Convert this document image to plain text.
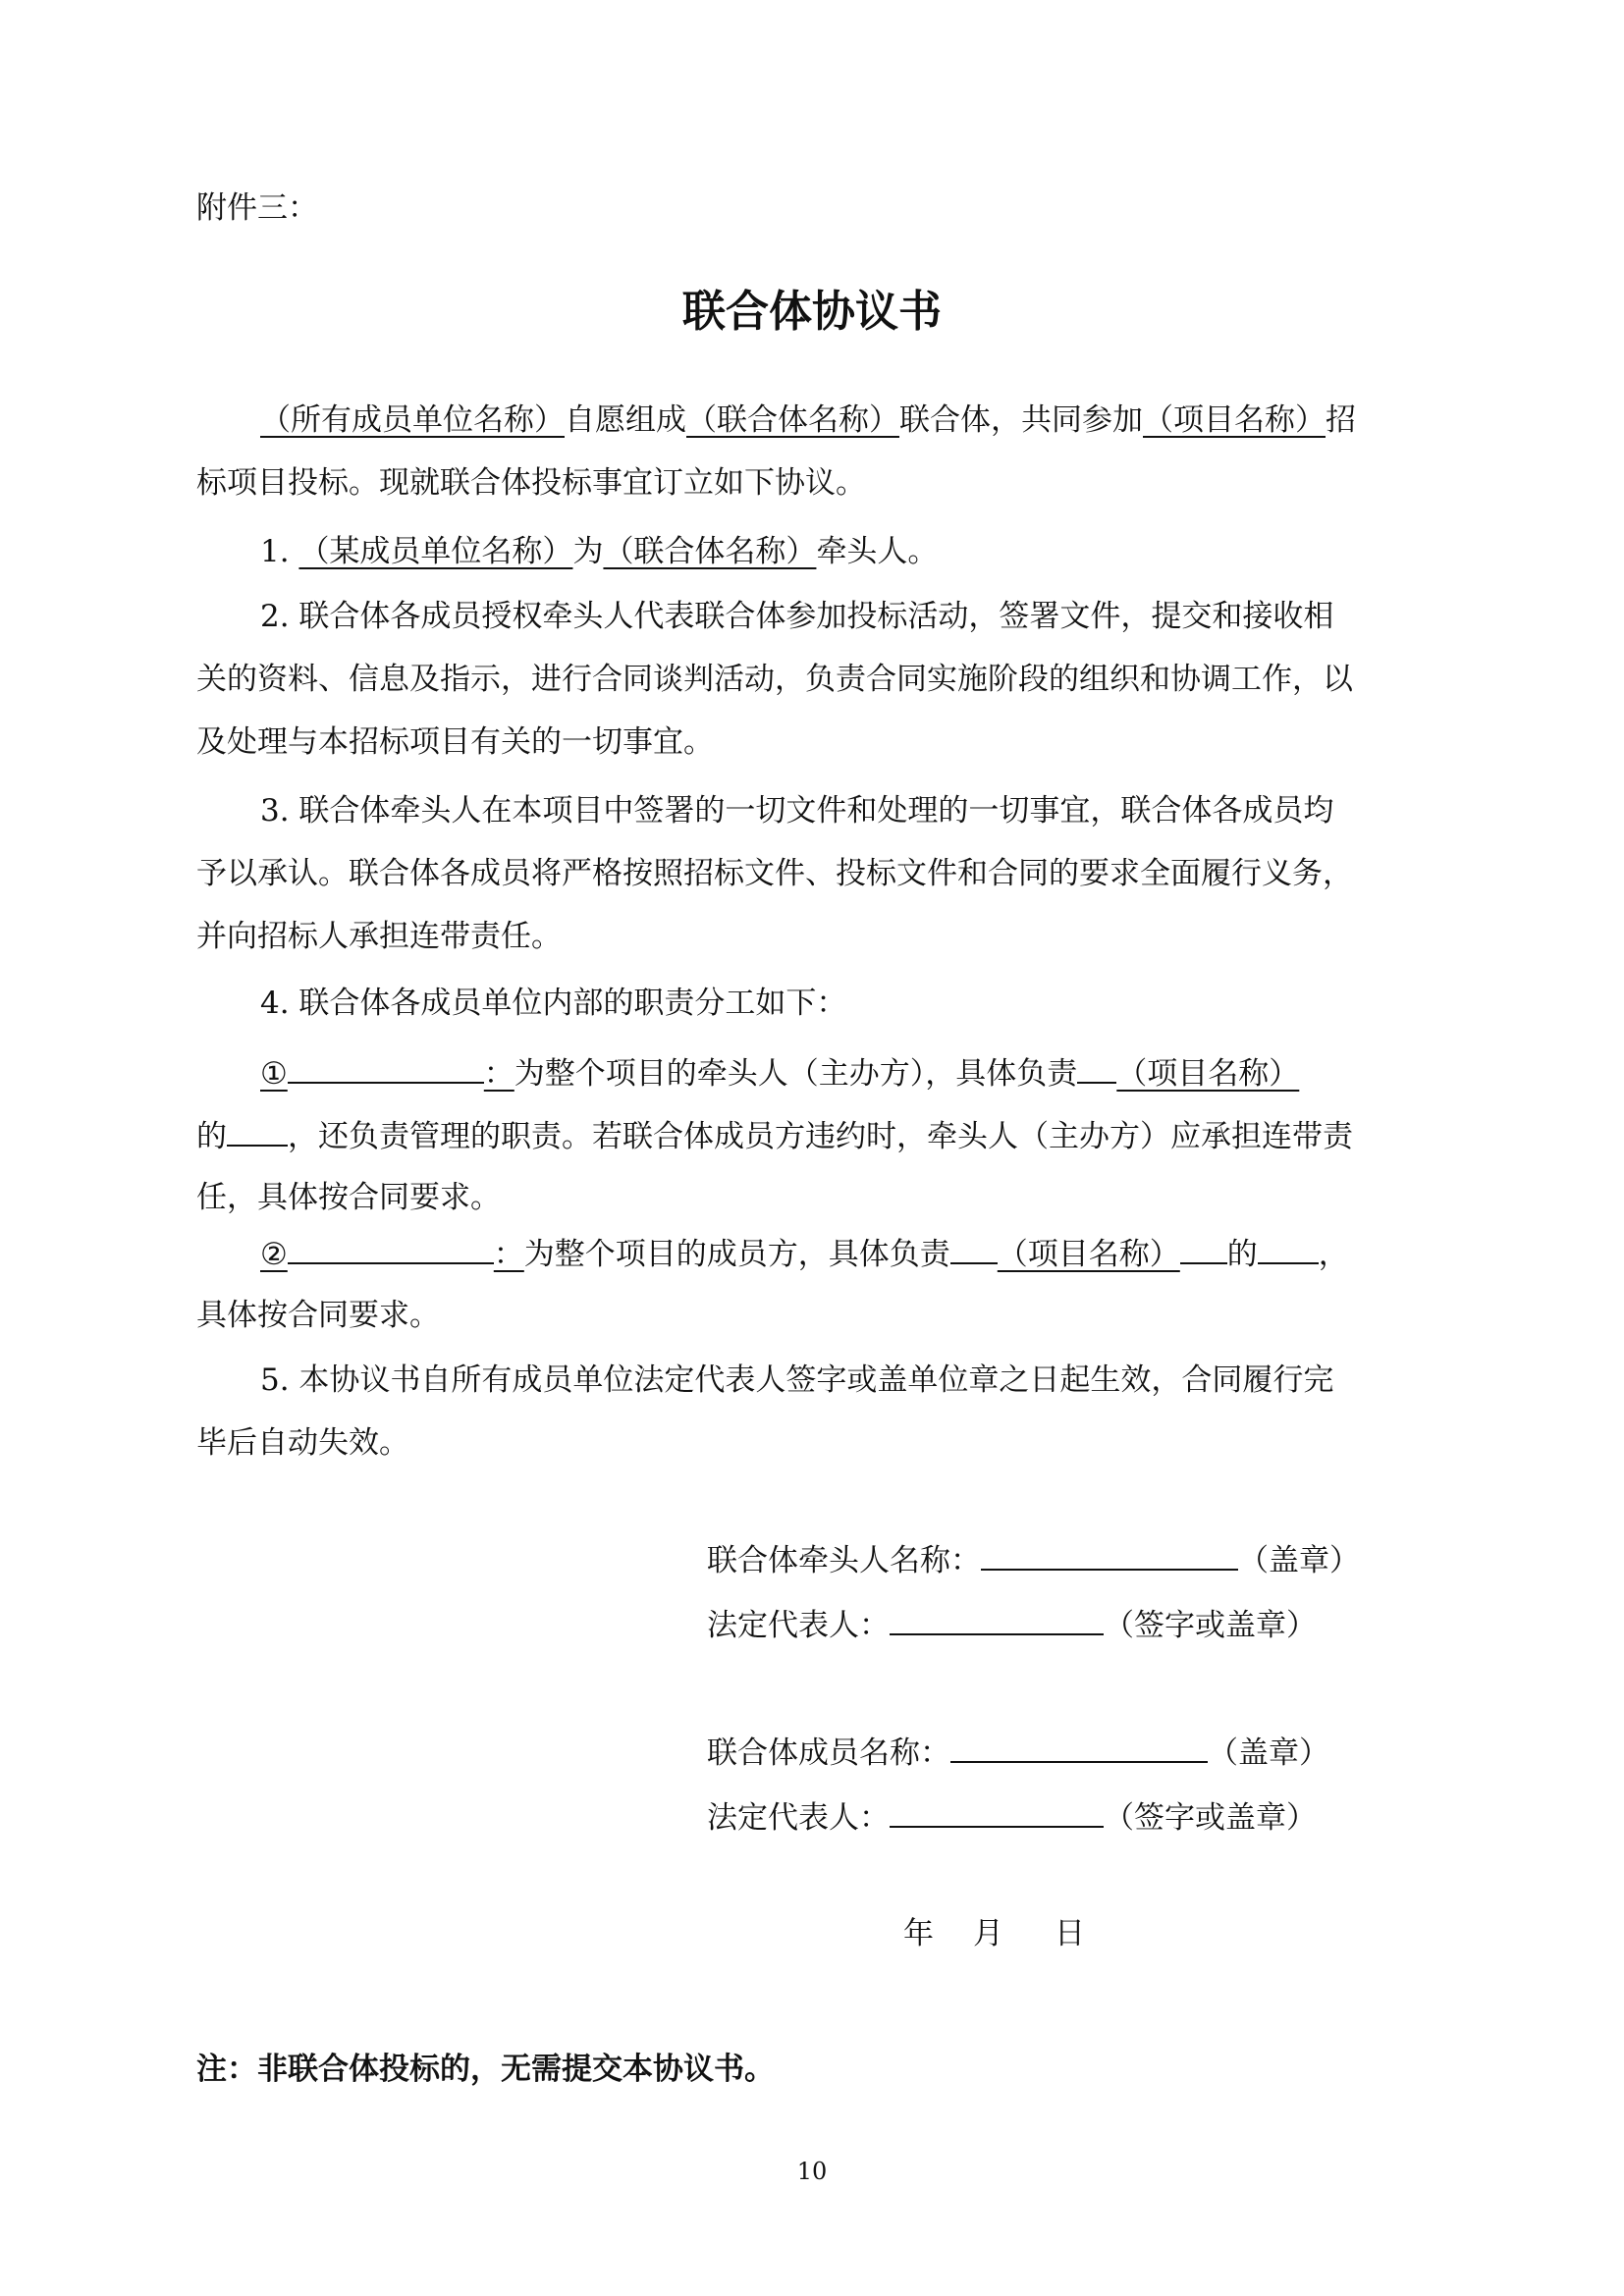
附件三：
联合体协议书
（所有成员单位名称）自愿组成（联合体名称）联合体，共同参加（项目名称）招
标项目投标。现就联合体投标事宜订立如下协议。
1. （某成员单位名称）为（联合体名称）牵头人。
2. 联合体各成员授权牵头人代表联合体参加投标活动，签署文件，提交和接收相
关的资料、信息及指示，进行合同谈判活动，负责合同实施阶段的组织和协调工作，以
及处理与本招标项目有关的一切事宜。
3. 联合体牵头人在本项目中签署的一切文件和处理的一切事宜，联合体各成员均
予以承认。联合体各成员将严格按照招标文件、投标文件和合同的要求全面履行义务，
并向招标人承担连带责任。
4. 联合体各成员单位内部的职责分工如下：
①	：为整个项目的牵头人（主办方），具体负责 （项目名称）
的 ，还负责管理的职责。若联合体成员方违约时，牵头人（主办方）应承担连带责
任，具体按合同要求。
②	：为整个项目的成员方，具体负责 （项目名称） 的 ，
具体按合同要求。
5. 本协议书自所有成员单位法定代表人签字或盖单位章之日起生效，合同履行完
毕后自动失效。
联合体牵头人名称：	（盖章）
法定代表人：	（签字或盖章）
联合体成员名称：	（盖章）
法定代表人：	（签字或盖章）
年 月 日
注：非联合体投标的，无需提交本协议书。
10
